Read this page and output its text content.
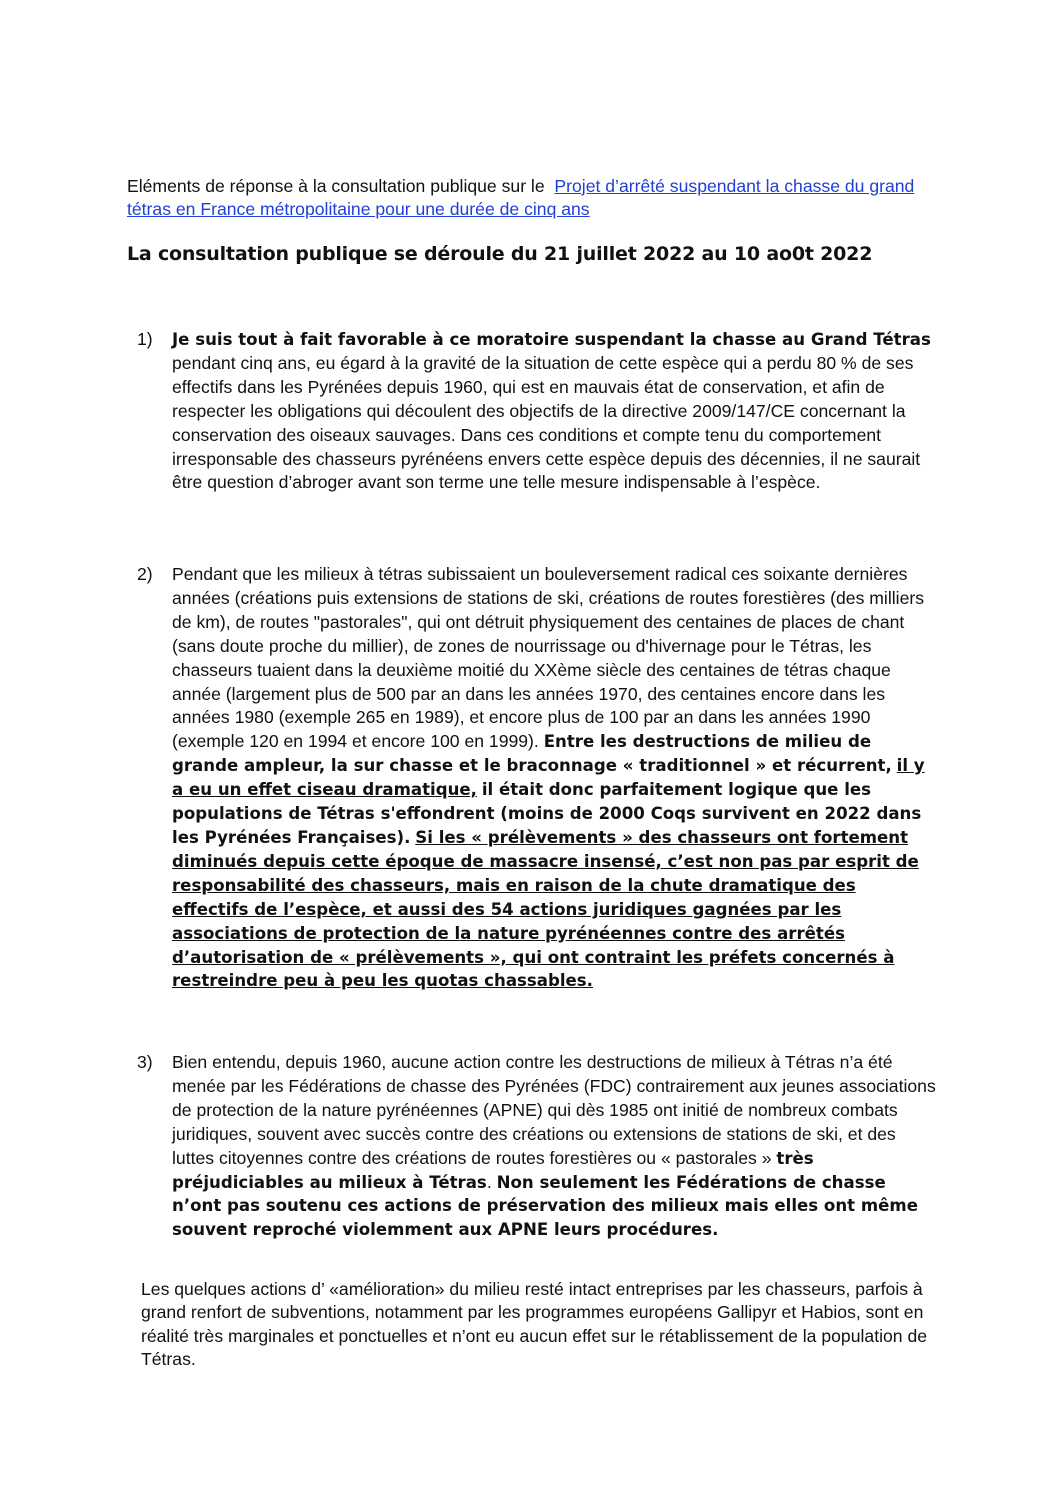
Eléments de réponse à la consultation publique sur le Projet d’arrêté suspendant la chasse du grand tétras en France métropolitaine pour une durée de cinq ans
La consultation publique se déroule du 21 juillet 2022 au 10 ao0t 2022
1) Je suis tout à fait favorable à ce moratoire suspendant la chasse au Grand Tétras pendant cinq ans, eu égard à la gravité de la situation de cette espèce qui a perdu 80 % de ses effectifs dans les Pyrénées depuis 1960, qui est en mauvais état de conservation, et afin de respecter les obligations qui découlent des objectifs de la directive 2009/147/CE concernant la conservation des oiseaux sauvages. Dans ces conditions et compte tenu du comportement irresponsable des chasseurs pyrénéens envers cette espèce depuis des décennies, il ne saurait être question d’abroger avant son terme une telle mesure indispensable à l’espèce.
2) Pendant que les milieux à tétras subissaient un bouleversement radical ces soixante dernières années (créations puis extensions de stations de ski, créations de routes forestières (des milliers de km), de routes "pastorales", qui ont détruit physiquement des centaines de places de chant (sans doute proche du millier), de zones de nourrissage ou d'hivernage pour le Tétras, les chasseurs tuaient dans la deuxième moitié du XXème siècle des centaines de tétras chaque année (largement plus de 500 par an dans les années 1970, des centaines encore dans les années 1980 (exemple 265 en 1989), et encore plus de 100 par an dans les années 1990 (exemple 120 en 1994 et encore 100 en 1999). Entre les destructions de milieu de grande ampleur, la sur chasse et le braconnage « traditionnel » et récurrent, il y a eu un effet ciseau dramatique, il était donc parfaitement logique que les populations de Tétras s'effondrent (moins de 2000 Coqs survivent en 2022 dans les Pyrénées Françaises). Si les « prélèvements » des chasseurs ont fortement diminués depuis cette époque de massacre insensé, c’est non pas par esprit de responsabilité des chasseurs, mais en raison de la chute dramatique des effectifs de l’espèce, et aussi des 54 actions juridiques gagnées par les associations de protection de la nature pyrénéennes contre des arrêtés d’autorisation de « prélèvements », qui ont contraint les préfets concernés à restreindre peu à peu les quotas chassables.
3) Bien entendu, depuis 1960, aucune action contre les destructions de milieux à Tétras n’a été menée par les Fédérations de chasse des Pyrénées (FDC) contrairement aux jeunes associations de protection de la nature pyrénéennes (APNE) qui dès 1985 ont initié de nombreux combats juridiques, souvent avec succès contre des créations ou extensions de stations de ski, et des luttes citoyennes contre des créations de routes forestières ou « pastorales » très préjudiciables au milieux à Tétras. Non seulement les Fédérations de chasse n’ont pas soutenu ces actions de préservation des milieux mais elles ont même souvent reproché violemment aux APNE leurs procédures.
Les quelques actions d’ «amélioration» du milieu resté intact entreprises par les chasseurs, parfois à grand renfort de subventions, notamment par les programmes européens Gallipyr et Habios, sont en réalité très marginales et ponctuelles et n’ont eu aucun effet sur le rétablissement de la population de Tétras.
